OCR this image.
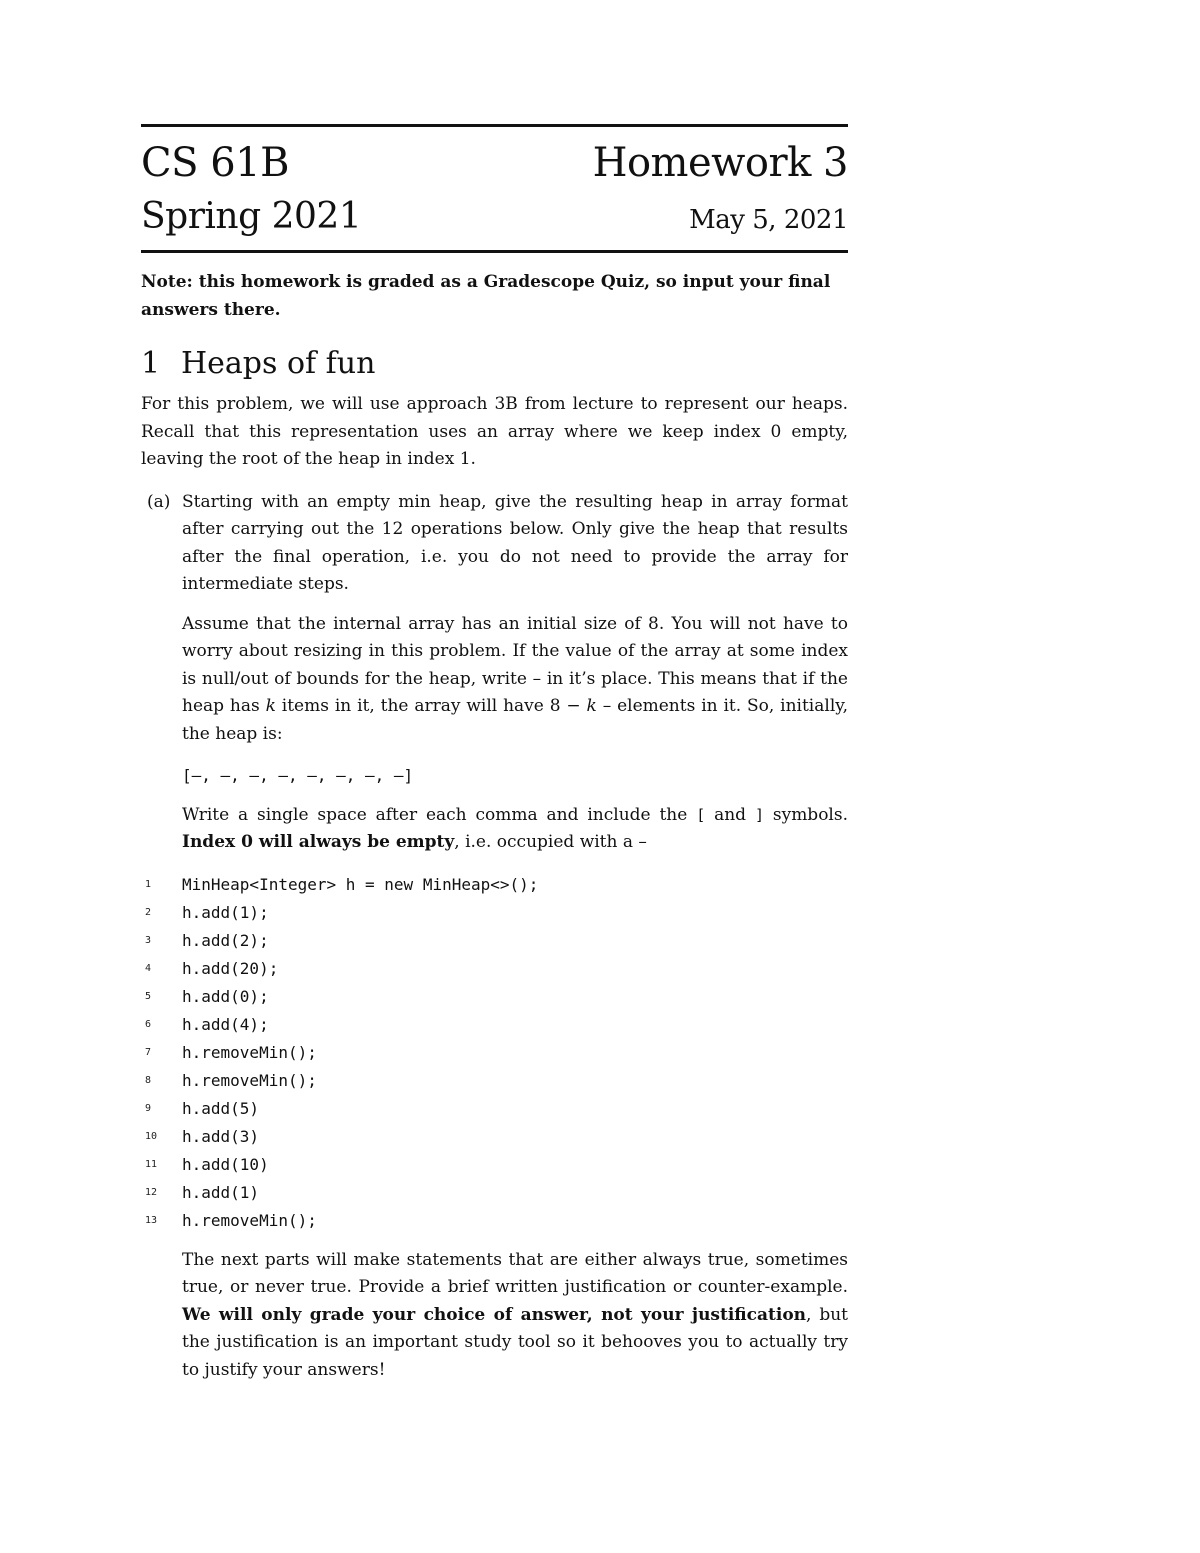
CS 61B	Homework 3
Spring 2021	May 5, 2021
Note: this homework is graded as a Gradescope Quiz, so input your final answers there.
1 Heaps of fun
For this problem, we will use approach 3B from lecture to represent our heaps. Recall that this representation uses an array where we keep index 0 empty, leaving the root of the heap in index 1.
(a) Starting with an empty min heap, give the resulting heap in array format after carrying out the 12 operations below. Only give the heap that results after the final operation, i.e. you do not need to provide the array for intermediate steps.
Assume that the internal array has an initial size of 8. You will not have to worry about resizing in this problem. If the value of the array at some index is null/out of bounds for the heap, write – in it’s place. This means that if the heap has k items in it, the array will have 8 − k – elements in it. So, initially, the heap is:
[–, –, –, –, –, –, –, –]
Write a single space after each comma and include the [ and ] symbols. Index 0 will always be empty, i.e. occupied with a –
1	MinHeap<Integer> h = new MinHeap<>();
2	h.add(1);
3	h.add(2);
4	h.add(20);
5	h.add(0);
6	h.add(4);
7	h.removeMin();
8	h.removeMin();
9	h.add(5)
10	h.add(3)
11	h.add(10)
12	h.add(1)
13	h.removeMin();
The next parts will make statements that are either always true, sometimes true, or never true. Provide a brief written justification or counter-example. We will only grade your choice of answer, not your justification, but the justification is an important study tool so it behooves you to actually try to justify your answers!
